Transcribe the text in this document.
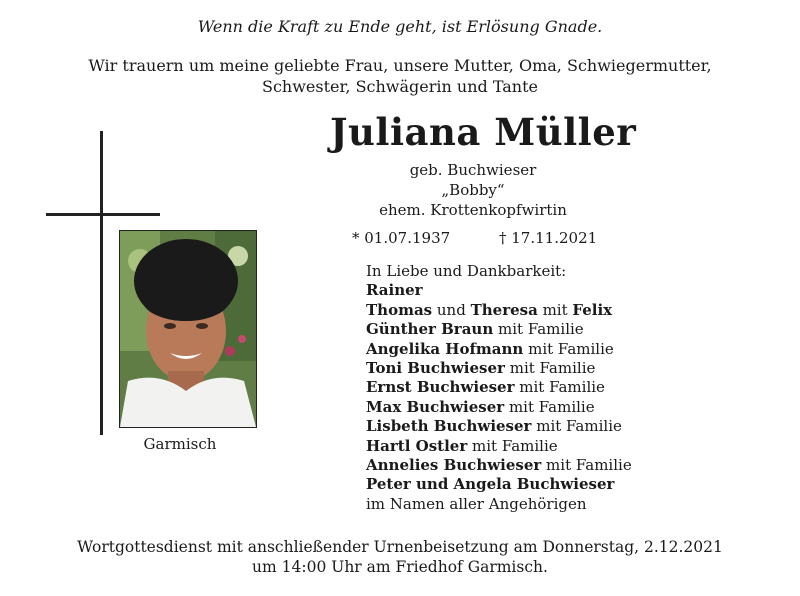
Wenn die Kraft zu Ende geht, ist Erlösung Gnade.
Wir trauern um meine geliebte Frau, unsere Mutter, Oma, Schwiegermutter,
Schwester, Schwägerin und Tante
Juliana Müller
geb. Buchwieser
„Bobby“
ehem. Krottenkopfwirtin
* 01.07.1937	† 17.11.2021
Garmisch
In Liebe und Dankbarkeit:
Rainer
Thomas und Theresa mit Felix
Günther Braun mit Familie
Angelika Hofmann mit Familie
Toni Buchwieser mit Familie
Ernst Buchwieser mit Familie
Max Buchwieser mit Familie
Lisbeth Buchwieser mit Familie
Hartl Ostler mit Familie
Annelies Buchwieser mit Familie
Peter und Angela Buchwieser
im Namen aller Angehörigen
Wortgottesdienst mit anschließender Urnenbeisetzung am Donnerstag, 2.12.2021
um 14:00 Uhr am Friedhof Garmisch.
